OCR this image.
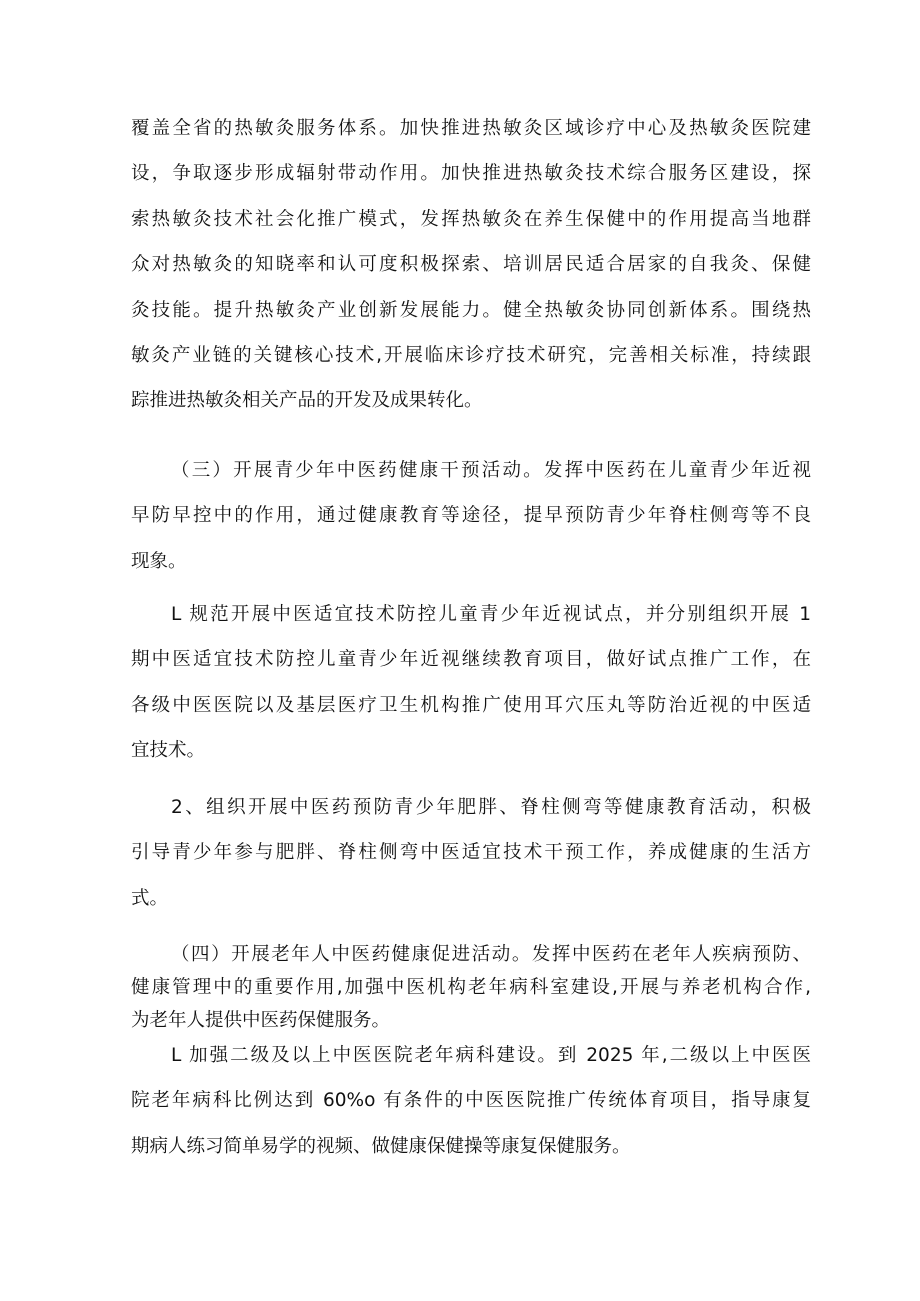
覆盖全省的热敏灸服务体系。加快推进热敏灸区域诊疗中心及热敏灸医院建
设，争取逐步形成辐射带动作用。加快推进热敏灸技术综合服务区建设，探
索热敏灸技术社会化推广模式，发挥热敏灸在养生保健中的作用提高当地群
众对热敏灸的知晓率和认可度积极探索、培训居民适合居家的自我灸、保健
灸技能。提升热敏灸产业创新发展能力。健全热敏灸协同创新体系。围绕热
敏灸产业链的关键核心技术,开展临床诊疗技术研究，完善相关标准，持续跟
踪推进热敏灸相关产品的开发及成果转化。
（三）开展青少年中医药健康干预活动。发挥中医药在儿童青少年近视
早防早控中的作用，通过健康教育等途径，提早预防青少年脊柱侧弯等不良
现象。
L 规范开展中医适宜技术防控儿童青少年近视试点，并分别组织开展 1
期中医适宜技术防控儿童青少年近视继续教育项目，做好试点推广工作，在
各级中医医院以及基层医疗卫生机构推广使用耳穴压丸等防治近视的中医适
宜技术。
2、组织开展中医药预防青少年肥胖、脊柱侧弯等健康教育活动，积极
引导青少年参与肥胖、脊柱侧弯中医适宜技术干预工作，养成健康的生活方
式。
（四）开展老年人中医药健康促进活动。发挥中医药在老年人疾病预防、
健康管理中的重要作用,加强中医机构老年病科室建设,开展与养老机构合作,
为老年人提供中医药保健服务。
L 加强二级及以上中医医院老年病科建设。到 2025 年,二级以上中医医
院老年病科比例达到 60%o 有条件的中医医院推广传统体育项目，指导康复
期病人练习简单易学的视频、做健康保健操等康复保健服务。
